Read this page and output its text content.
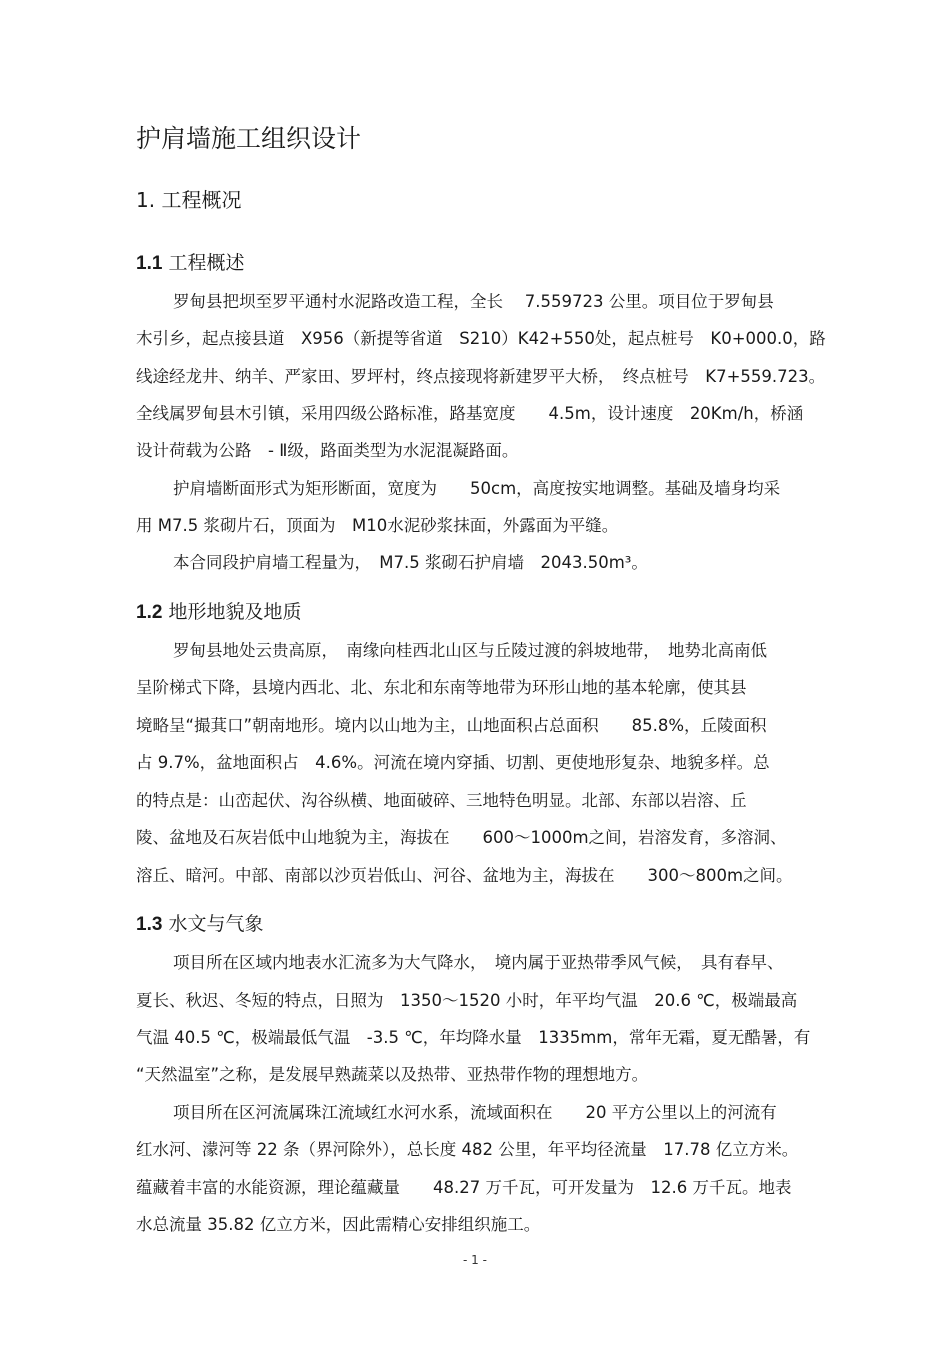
护肩墙施工组织设计
1. 工程概况
1.1 工程概述
罗甸县把坝至罗平通村水泥路改造工程，全长　 7.559723 公里。项目位于罗甸县
木引乡，起点接县道　X956（新提等省道　S210）K42+550处，起点桩号　K0+000.0，路
线途经龙井、纳羊、严家田、罗坪村，终点接现将新建罗平大桥，　终点桩号　K7+559.723。
全线属罗甸县木引镇，采用四级公路标准，路基宽度　　4.5m，设计速度　20Km/h，桥涵
设计荷载为公路　- Ⅱ级，路面类型为水泥混凝路面。
护肩墙断面形式为矩形断面，宽度为　　50cm，高度按实地调整。基础及墙身均采
用 M7.5 浆砌片石，顶面为　M10水泥砂浆抹面，外露面为平缝。
本合同段护肩墙工程量为，　M7.5 浆砌石护肩墙　2043.50m³。
1.2 地形地貌及地质
罗甸县地处云贵高原，　南缘向桂西北山区与丘陵过渡的斜坡地带，　地势北高南低
呈阶梯式下降，县境内西北、北、东北和东南等地带为环形山地的基本轮廓，使其县
境略呈“撮萁口”朝南地形。境内以山地为主，山地面积占总面积　　85.8%，丘陵面积
占 9.7%，盆地面积占　4.6%。河流在境内穿插、切割、更使地形复杂、地貌多样。总
的特点是：山峦起伏、沟谷纵横、地面破碎、三地特色明显。北部、东部以岩溶、丘
陵、盆地及石灰岩低中山地貌为主，海拔在　　600～1000m之间，岩溶发育，多溶洞、
溶丘、暗河。中部、南部以沙页岩低山、河谷、盆地为主，海拔在　　300～800m之间。
1.3 水文与气象
项目所在区域内地表水汇流多为大气降水，　境内属于亚热带季风气候，　具有春早、
夏长、秋迟、冬短的特点，日照为　1350～1520 小时，年平均气温　20.6 ℃，极端最高
气温 40.5 ℃，极端最低气温　-3.5 ℃，年均降水量　1335mm，常年无霜，夏无酷暑，有
“天然温室”之称，是发展早熟蔬菜以及热带、亚热带作物的理想地方。
项目所在区河流属珠江流域红水河水系，流域面积在　　20 平方公里以上的河流有
红水河、濛河等 22 条（界河除外），总长度 482 公里，年平均径流量　17.78 亿立方米。
蕴藏着丰富的水能资源，理论蕴藏量　　48.27 万千瓦，可开发量为　12.6 万千瓦。地表
水总流量 35.82 亿立方米，因此需精心安排组织施工。
- 1 -
